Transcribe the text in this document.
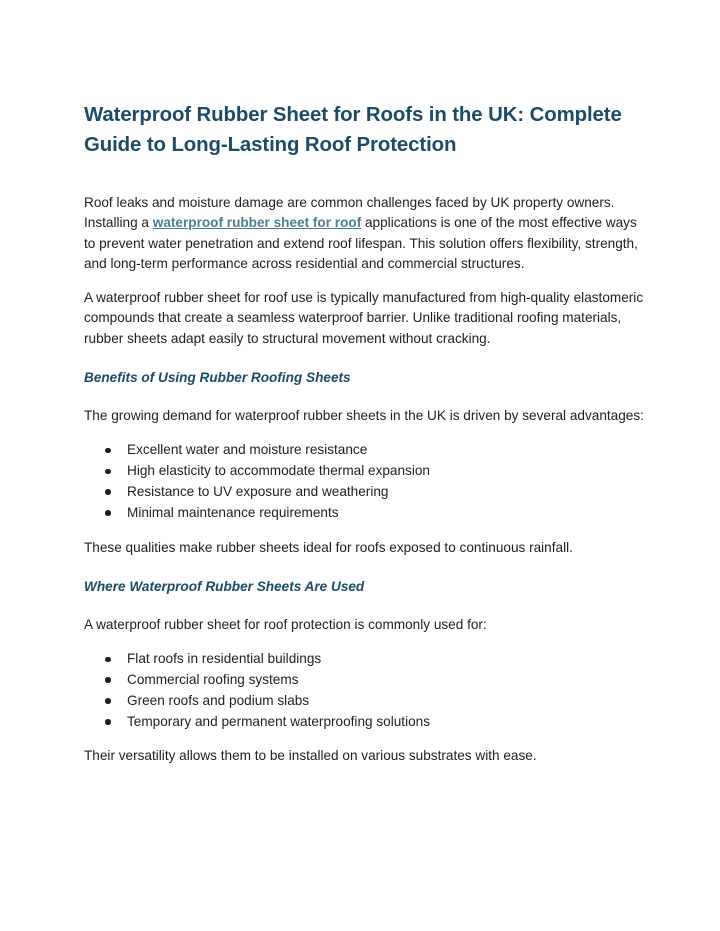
Waterproof Rubber Sheet for Roofs in the UK: Complete Guide to Long-Lasting Roof Protection

Roof leaks and moisture damage are common challenges faced by UK property owners. Installing a waterproof rubber sheet for roof applications is one of the most effective ways to prevent water penetration and extend roof lifespan. This solution offers flexibility, strength, and long-term performance across residential and commercial structures.

A waterproof rubber sheet for roof use is typically manufactured from high-quality elastomeric compounds that create a seamless waterproof barrier. Unlike traditional roofing materials, rubber sheets adapt easily to structural movement without cracking.

Benefits of Using Rubber Roofing Sheets

The growing demand for waterproof rubber sheets in the UK is driven by several advantages:

Excellent water and moisture resistance
High elasticity to accommodate thermal expansion
Resistance to UV exposure and weathering
Minimal maintenance requirements

These qualities make rubber sheets ideal for roofs exposed to continuous rainfall.

Where Waterproof Rubber Sheets Are Used

A waterproof rubber sheet for roof protection is commonly used for:

Flat roofs in residential buildings
Commercial roofing systems
Green roofs and podium slabs
Temporary and permanent waterproofing solutions

Their versatility allows them to be installed on various substrates with ease.
